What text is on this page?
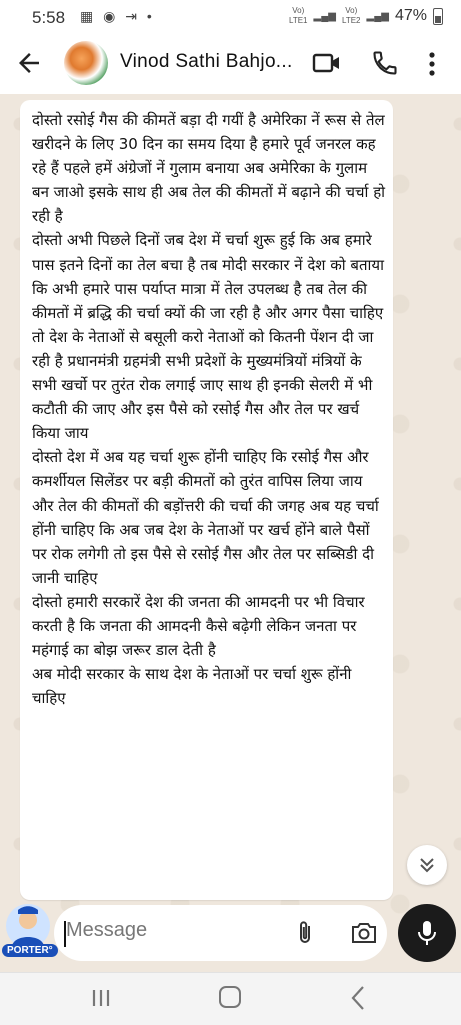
5:58 ▦ ◉ ⇥ •	Vo)
LTE1 ▂▄▆	Vo)
LTE2 ▂▄▆ 47%
Vinod Sathi Bahjo...
दोस्तो रसोई गैस की कीमतें बड़ा दी गयीं है अमेरिका नें रूस से तेल खरीदने के लिए 30 दिन का समय दिया है हमारे पूर्व जनरल कह रहे हैं पहले हमें अंग्रेजों नें गुलाम बनाया अब अमेरिका के गुलाम बन जाओ इसके साथ ही अब तेल की कीमतों में बढ़ाने की चर्चा हो रही है
दोस्तो अभी पिछले दिनों जब देश में चर्चा शुरू हुई कि अब हमारे पास इतने दिनों का तेल बचा है तब मोदी सरकार नें देश को बताया कि अभी हमारे पास पर्याप्त मात्रा में तेल उपलब्ध है तब तेल की कीमतों में ब्रद्धि की चर्चा क्यों की जा रही है और अगर पैसा चाहिए तो देश के नेताओं से बसूली करो नेताओं को कितनी पेंशन दी जा रही है प्रधानमंत्री ग्रहमंत्री सभी प्रदेशों के मुख्यमंत्रियों मंत्रियों के सभी खर्चो पर तुरंत रोक लगाई जाए साथ ही इनकी सेलरी में भी कटौती की जाए और इस पैसे को रसोई गैस और तेल पर खर्च किया जाय
दोस्तो देश में अब यह चर्चा शुरू होंनी चाहिए कि रसोई गैस और कमर्शीयल सिलेंडर पर बड़ी कीमतों को तुरंत वापिस लिया जाय और तेल की कीमतों की बड़ोंत्तरी की चर्चा की जगह अब यह चर्चा होंनी चाहिए कि अब जब देश के नेताओं पर खर्च होंने बाले पैसों पर रोक लगेगी तो इस पैसे से रसोई गैस और तेल पर सब्सिडी दी जानी चाहिए
दोस्तो हमारी सरकारें देश की जनता की आमदनी पर भी विचार करती है कि जनता की आमदनी कैसे बढ़ेगी लेकिन जनता पर महंगाई का बोझ जरूर डाल देती है
अब मोदी सरकार के साथ देश के नेताओं पर चर्चा शुरू होंनी चाहिए
PORTER°
Message
